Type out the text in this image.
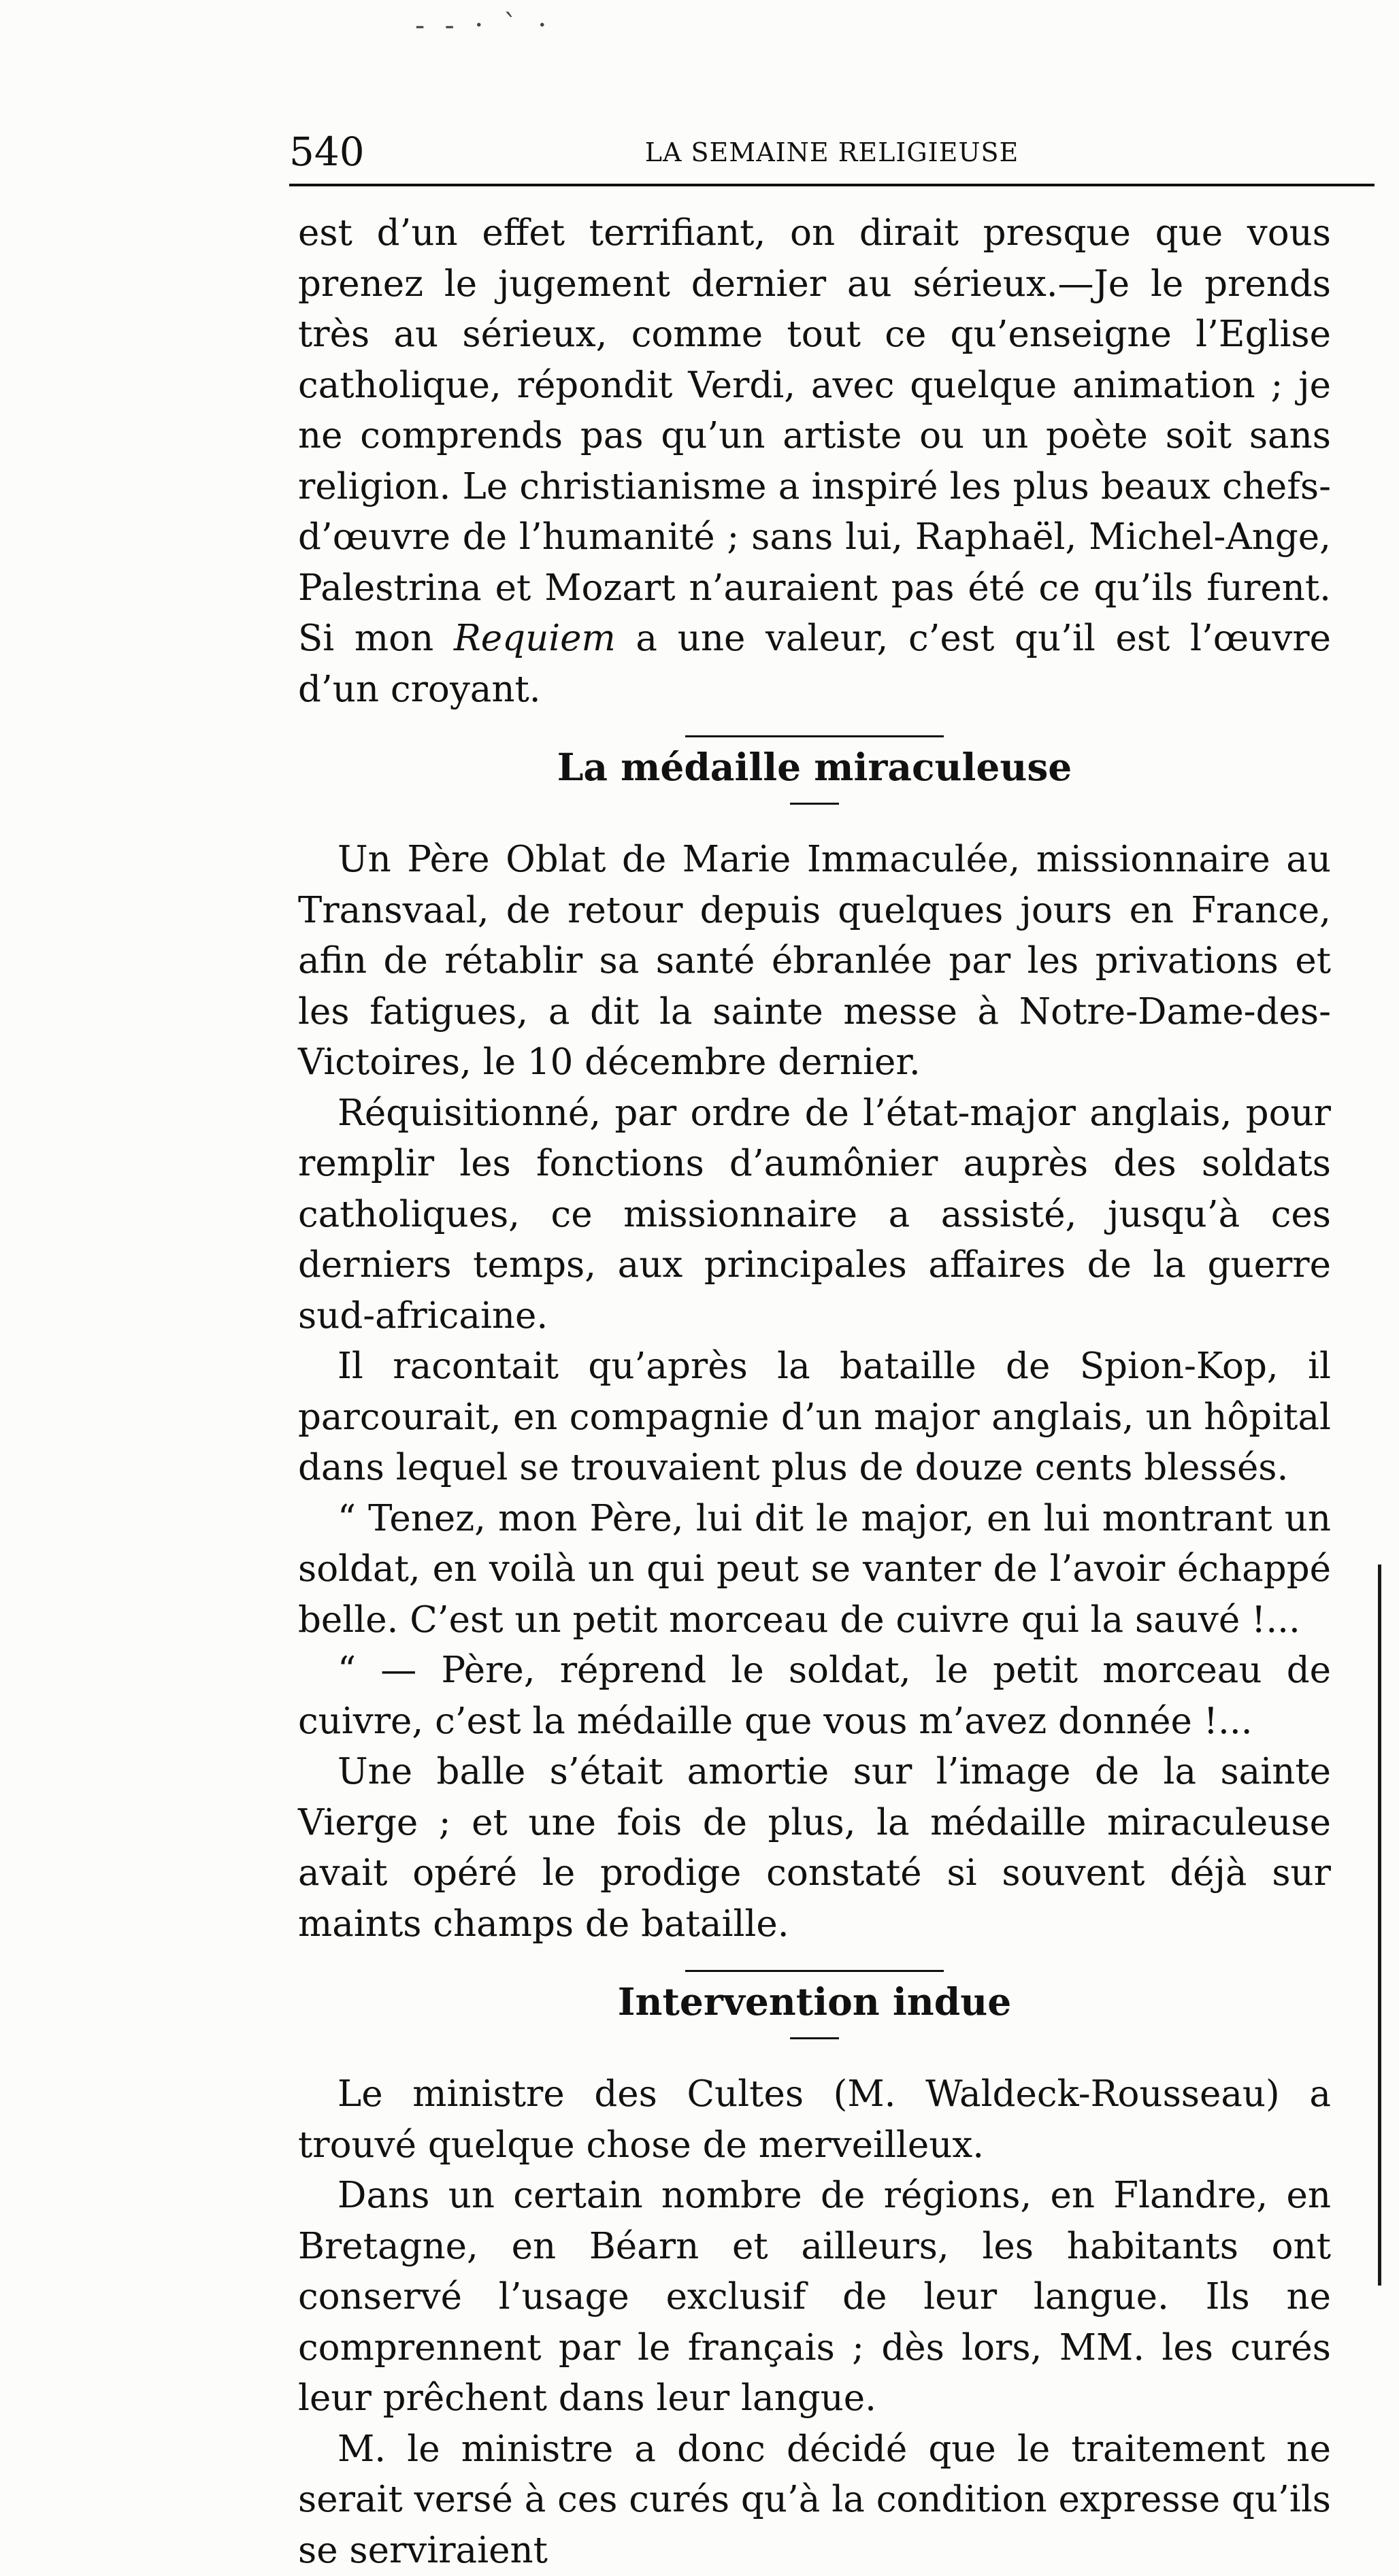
- - · ˋ ·
540	LA SEMAINE RELIGIEUSE

est d’un effet terrifiant, on dirait presque que vous prenez le jugement dernier au sérieux.—Je le prends très au sérieux, comme tout ce qu’enseigne l’Eglise catholique, répondit Verdi, avec quelque animation ; je ne comprends pas qu’un artiste ou un poète soit sans religion. Le christianisme a inspiré les plus beaux chefs-d’œuvre de l’humanité ; sans lui, Raphaël, Michel-Ange, Palestrina et Mozart n’auraient pas été ce qu’ils furent. Si mon Requiem a une valeur, c’est qu’il est l’œuvre d’un croyant.

La médaille miraculeuse

Un Père Oblat de Marie Immaculée, missionnaire au Transvaal, de retour depuis quelques jours en France, afin de rétablir sa santé ébranlée par les privations et les fatigues, a dit la sainte messe à Notre-Dame-des-Victoires, le 10 décembre dernier.

Réquisitionné, par ordre de l’état-major anglais, pour remplir les fonctions d’aumônier auprès des soldats catholiques, ce missionnaire a assisté, jusqu’à ces derniers temps, aux principales affaires de la guerre sud-africaine.

Il racontait qu’après la bataille de Spion-Kop, il parcourait, en compagnie d’un major anglais, un hôpital dans lequel se trouvaient plus de douze cents blessés.

“ Tenez, mon Père, lui dit le major, en lui montrant un soldat, en voilà un qui peut se vanter de l’avoir échappé belle. C’est un petit morceau de cuivre qui la sauvé !...

“ — Père, réprend le soldat, le petit morceau de cuivre, c’est la médaille que vous m’avez donnée !...

Une balle s’était amortie sur l’image de la sainte Vierge ; et une fois de plus, la médaille miraculeuse avait opéré le prodige constaté si souvent déjà sur maints champs de bataille.

Intervention indue

Le ministre des Cultes (M. Waldeck-Rousseau) a trouvé quelque chose de merveilleux.

Dans un certain nombre de régions, en Flandre, en Bretagne, en Béarn et ailleurs, les habitants ont conservé l’usage exclusif de leur langue. Ils ne comprennent par le français ; dès lors, MM. les curés leur prêchent dans leur langue.

M. le ministre a donc décidé que le traitement ne serait versé à ces curés qu’à la condition expresse qu’ils se serviraient
